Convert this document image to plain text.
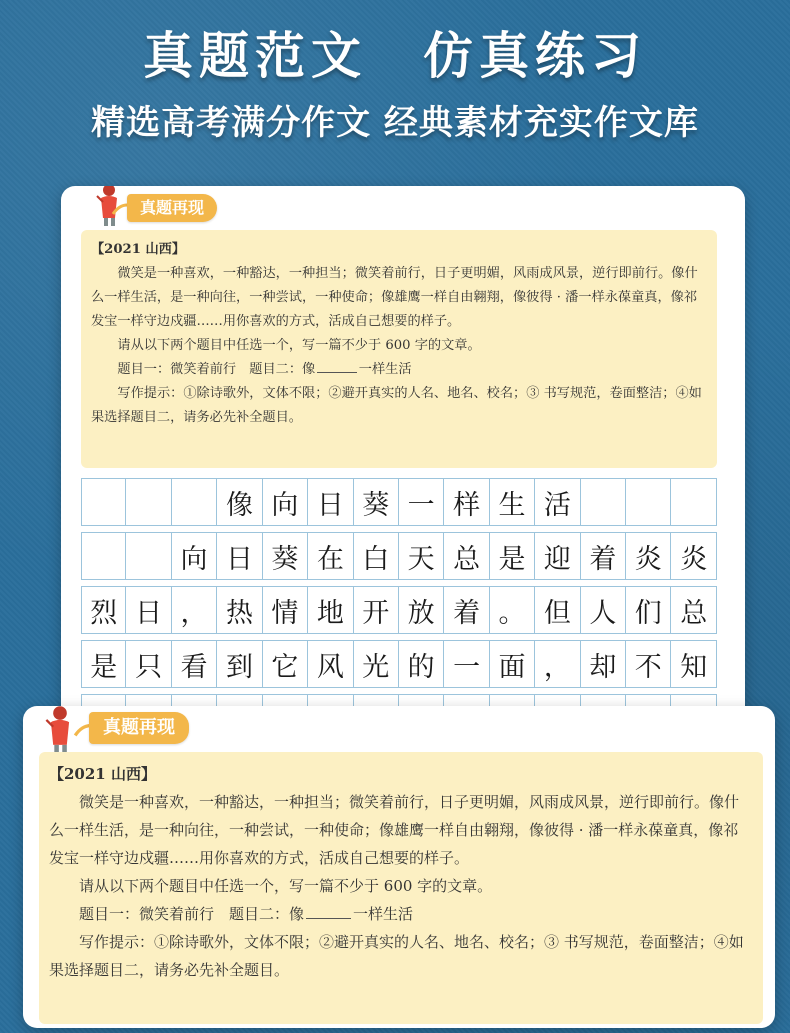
真题范文　仿真练习
精选高考满分作文 经典素材充实作文库
真题再现

【2021 山西】

微笑是一种喜欢，一种豁达，一种担当；微笑着前行，日子更明媚，风雨成风景，逆行即前行。像什么一样生活，是一种向往，一种尝试，一种使命；像雄鹰一样自由翱翔，像彼得 · 潘一样永葆童真，像祁发宝一样守边戍疆……用你喜欢的方式，活成自己想要的样子。

请从以下两个题目中任选一个，写一篇不少于 600 字的文章。

题目一：微笑着前行 题目二：像	一样生活

写作提示：①除诗歌外，文体不限；②避开真实的人名、地名、校名；③ 书写规范，卷面整洁；④如果选择题目二，请务必先补全题目。

像 向 日 葵 一 样 生 活
向 日 葵 在 白 天 总 是 迎 着 炎 炎
烈 日 ， 热 情 地 开 放 着 。 但 人 们 总
是 只 看 到 它 风 光 的 一 面 ， 却 不 知
真题再现

【2021 山西】

微笑是一种喜欢，一种豁达，一种担当；微笑着前行，日子更明媚，风雨成风景，逆行即前行。像什么一样生活，是一种向往，一种尝试，一种使命；像雄鹰一样自由翱翔，像彼得 · 潘一样永葆童真，像祁发宝一样守边戍疆……用你喜欢的方式，活成自己想要的样子。

请从以下两个题目中任选一个，写一篇不少于 600 字的文章。

题目一：微笑着前行 题目二：像	一样生活

写作提示：①除诗歌外，文体不限；②避开真实的人名、地名、校名；③ 书写规范，卷面整洁；④如果选择题目二，请务必先补全题目。
